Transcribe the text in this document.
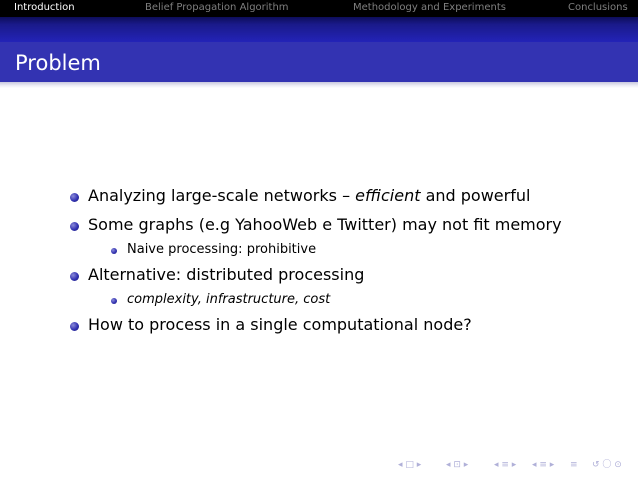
Introduction	Belief Propagation Algorithm	Methodology and Experiments	Conclusions
Problem
Analyzing large-scale networks – efficient and powerful
Some graphs (e.g YahooWeb e Twitter) may not fit memory
Naive processing: prohibitive
Alternative: distributed processing
complexity, infrastructure, cost
How to process in a single computational node?
◂ □ ▸	◂ ⊡ ▸	◂ ≡ ▸ ◂ ≡ ▸ ≡ ↺ 〇 ⊙
